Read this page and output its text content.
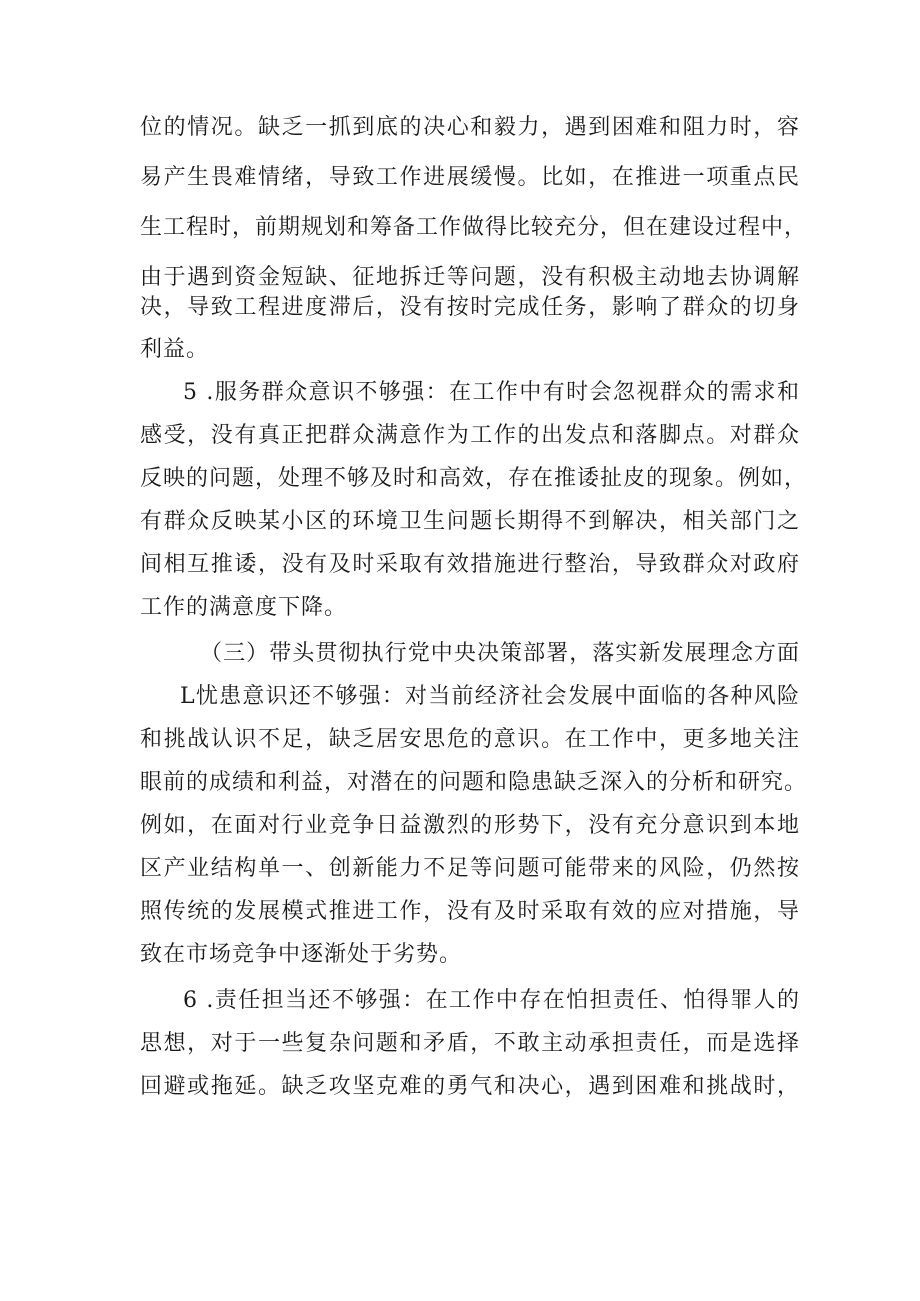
位的情况。缺乏一抓到底的决心和毅力，遇到困难和阻力时，容
易产生畏难情绪，导致工作进展缓慢。比如，在推进一项重点民
生工程时，前期规划和筹备工作做得比较充分，但在建设过程中，
由于遇到资金短缺、征地拆迁等问题，没有积极主动地去协调解
决，导致工程进度滞后，没有按时完成任务，影响了群众的切身
利益。
5 .服务群众意识不够强：在工作中有时会忽视群众的需求和
感受，没有真正把群众满意作为工作的出发点和落脚点。对群众
反映的问题，处理不够及时和高效，存在推诿扯皮的现象。例如，
有群众反映某小区的环境卫生问题长期得不到解决，相关部门之
间相互推诿，没有及时采取有效措施进行整治，导致群众对政府
工作的满意度下降。
（三）带头贯彻执行党中央决策部署，落实新发展理念方面
L忧患意识还不够强：对当前经济社会发展中面临的各种风险
和挑战认识不足，缺乏居安思危的意识。在工作中，更多地关注
眼前的成绩和利益，对潜在的问题和隐患缺乏深入的分析和研究。
例如，在面对行业竞争日益激烈的形势下，没有充分意识到本地
区产业结构单一、创新能力不足等问题可能带来的风险，仍然按
照传统的发展模式推进工作，没有及时采取有效的应对措施，导
致在市场竞争中逐渐处于劣势。
6 .责任担当还不够强：在工作中存在怕担责任、怕得罪人的
思想，对于一些复杂问题和矛盾，不敢主动承担责任，而是选择
回避或拖延。缺乏攻坚克难的勇气和决心，遇到困难和挑战时，
